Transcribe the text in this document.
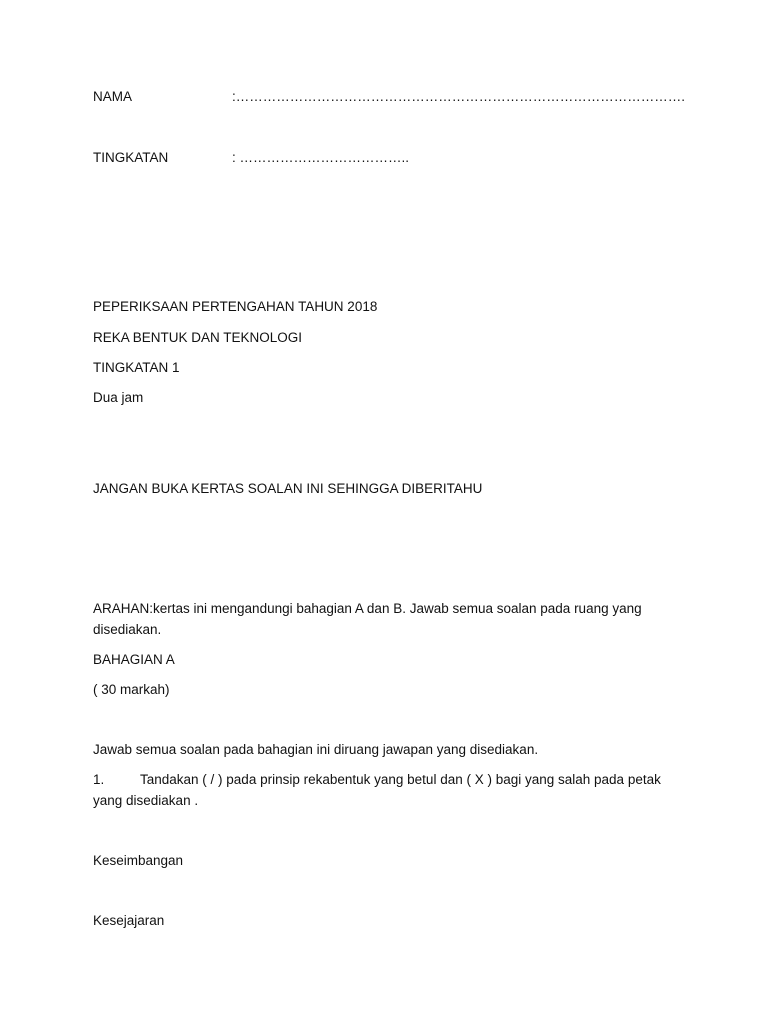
NAMA	:……………………………………………………………………………………….
TINGKATAN	: ………………………………..
PEPERIKSAAN PERTENGAHAN TAHUN 2018
REKA BENTUK DAN TEKNOLOGI
TINGKATAN 1
Dua jam
JANGAN BUKA KERTAS SOALAN INI SEHINGGA DIBERITAHU
ARAHAN:kertas ini mengandungi bahagian A dan B. Jawab semua soalan pada ruang yang disediakan.
BAHAGIAN A
( 30 markah)
Jawab semua soalan pada bahagian ini diruang jawapan yang disediakan.
1.	Tandakan ( / ) pada prinsip rekabentuk yang betul dan ( X ) bagi yang salah pada petak yang disediakan .
Keseimbangan
Kesejajaran
